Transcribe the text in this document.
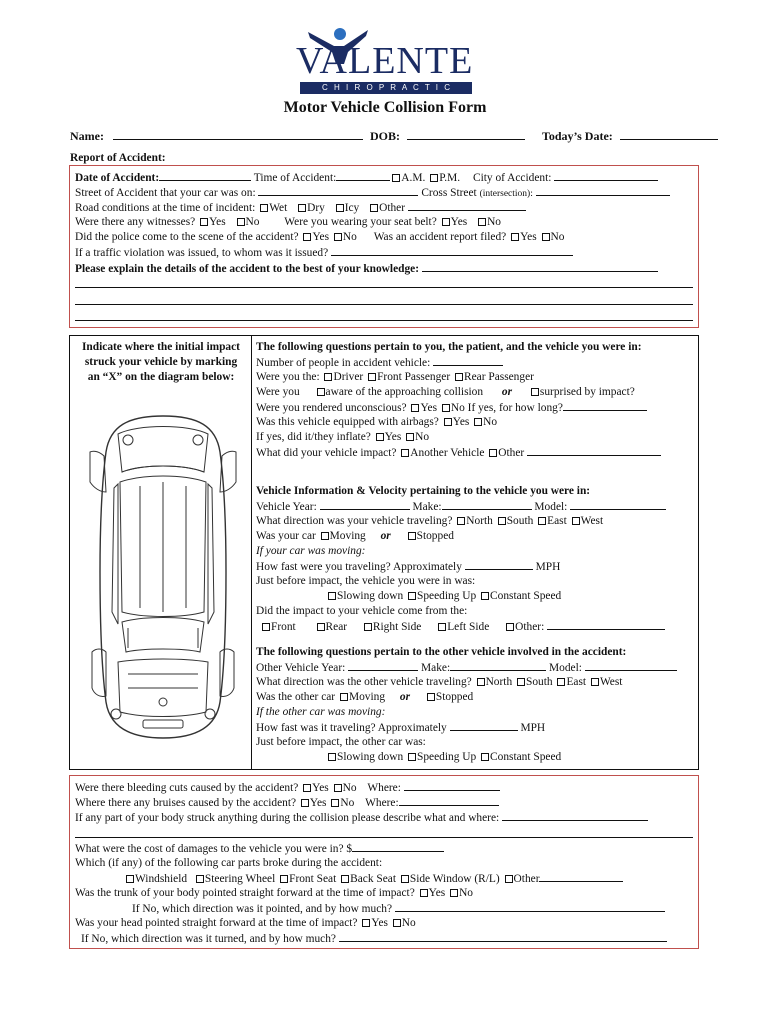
VALENTE
C H I R O P R A C T I C
Motor Vehicle Collision Form
Name:	DOB:	Today’s Date:
Report of Accident:
Date of Accident:	Time of Accident:	A.M. P.M. City of Accident:
Street of Accident that your car was on:	Cross Street (intersection):
Road conditions at the time of incident: Wet Dry Icy Other
Were there any witnesses? Yes No Were you wearing your seat belt? Yes No
Did the police come to the scene of the accident? Yes No Was an accident report filed? Yes No
If a traffic violation was issued, to whom was it issued?
Please explain the details of the accident to the best of your knowledge:
Indicate where the initial impact
struck your vehicle by marking
an “X” on the diagram below:
The following questions pertain to you, the patient, and the vehicle you were in:
Number of people in accident vehicle:
Were you the: Driver Front Passenger Rear Passenger
Were you aware of the approaching collision or surprised by impact?
Were you rendered unconscious? Yes No If yes, for how long?
Was this vehicle equipped with airbags? Yes No
If yes, did it/they inflate? Yes No
What did your vehicle impact? Another Vehicle Other
Vehicle Information & Velocity pertaining to the vehicle you were in:
Vehicle Year:	Make:	Model:
What direction was your vehicle traveling? North South East West
Was your car Moving or Stopped
If your car was moving:
How fast were you traveling? Approximately	MPH
Just before impact, the vehicle you were in was:
Slowing down Speeding Up Constant Speed
Did the impact to your vehicle come from the:
Front	Rear Right Side Left Side Other:
The following questions pertain to the other vehicle involved in the accident:
Other Vehicle Year:	Make:	Model:
What direction was the other vehicle traveling? North South East West
Was the other car Moving or Stopped
If the other car was moving:
How fast was it traveling? Approximately	MPH
Just before impact, the other car was:
Slowing down Speeding Up Constant Speed
Were there bleeding cuts caused by the accident? Yes No Where:
Where there any bruises caused by the accident? Yes No Where:
If any part of your body struck anything during the collision please describe what and where:
What were the cost of damages to the vehicle you were in? $
Which (if any) of the following car parts broke during the accident:
Windshield Steering Wheel Front Seat Back Seat Side Window (R/L) Other
Was the trunk of your body pointed straight forward at the time of impact? Yes No
If No, which direction was it pointed, and by how much?
Was your head pointed straight forward at the time of impact? Yes No
If No, which direction was it turned, and by how much?
